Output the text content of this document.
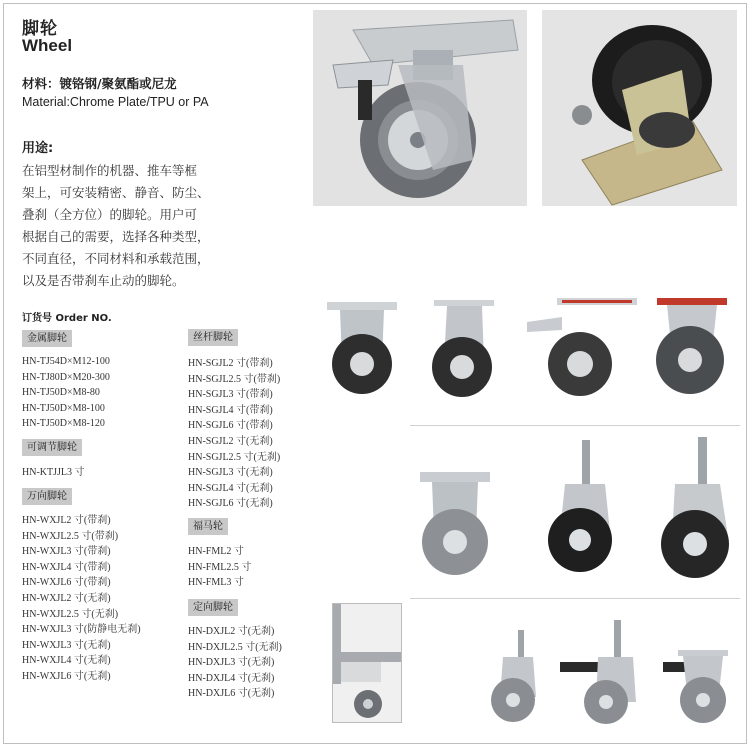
脚轮
Wheel
材料：镀铬钢/聚氨酯或尼龙
Material:Chrome Plate/TPU or PA
用途:
在铝型材制作的机器、推车等框
架上，可安装精密、静音、防尘、
叠刹（全方位）的脚轮。用户可
根据自己的需要，选择各种类型，
不同直径，不同材料和承载范围，
以及是否带刹车止动的脚轮。
订货号 Order NO.
金属脚轮
HN-TJ54D×M12-100
HN-TJ80D×M20-300
HN-TJ50D×M8-80
HN-TJ50D×M8-100
HN-TJ50D×M8-120
可调节脚轮
HN-KTJJL3 寸
万向脚轮
HN-WXJL2 寸(带刹)
HN-WXJL2.5 寸(带刹)
HN-WXJL3 寸(带刹)
HN-WXJL4 寸(带刹)
HN-WXJL6 寸(带刹)
HN-WXJL2 寸(无刹)
HN-WXJL2.5 寸(无刹)
HN-WXJL3 寸(防静电无刹)
HN-WXJL3 寸(无刹)
HN-WXJL4 寸(无刹)
HN-WXJL6 寸(无刹)
丝杆脚轮
HN-SGJL2 寸(带刹)
HN-SGJL2.5 寸(带刹)
HN-SGJL3 寸(带刹)
HN-SGJL4 寸(带刹)
HN-SGJL6 寸(带刹)
HN-SGJL2 寸(无刹)
HN-SGJL2.5 寸(无刹)
HN-SGJL3 寸(无刹)
HN-SGJL4 寸(无刹)
HN-SGJL6 寸(无刹)
福马轮
HN-FML2 寸
HN-FML2.5 寸
HN-FML3 寸
定向脚轮
HN-DXJL2 寸(无刹)
HN-DXJL2.5 寸(无刹)
HN-DXJL3 寸(无刹)
HN-DXJL4 寸(无刹)
HN-DXJL6 寸(无刹)
